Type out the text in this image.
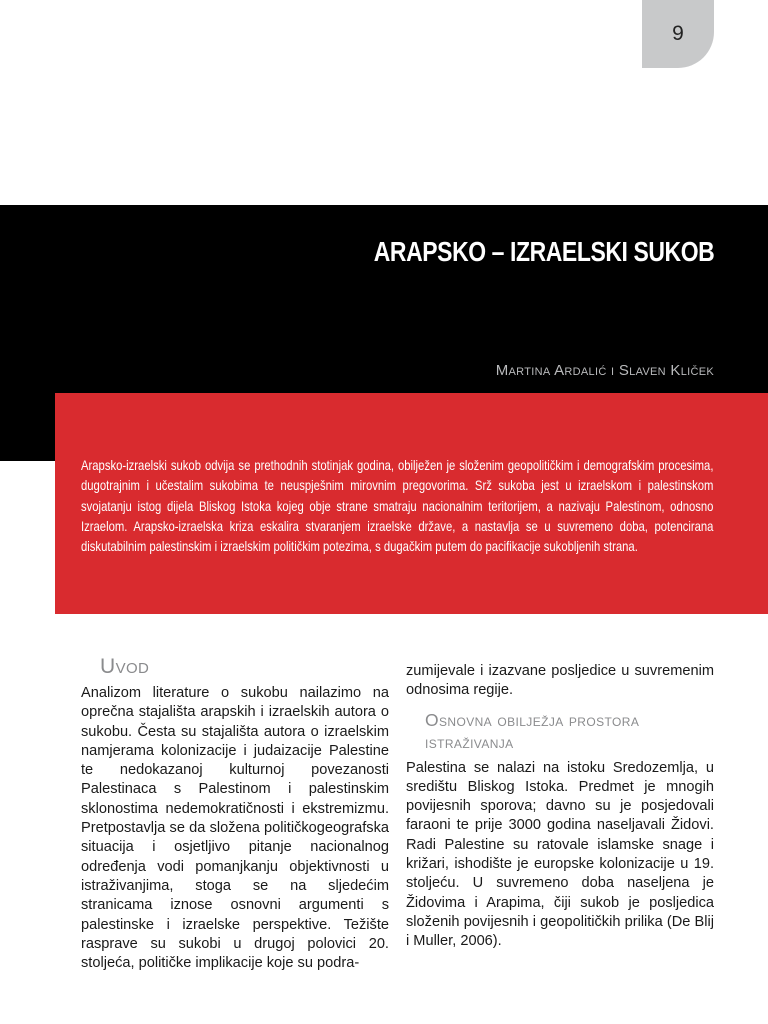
9
ARAPSKO – IZRAELSKI SUKOB
Martina Ardalić i Slaven Kliček
Arapsko-izraelski sukob odvija se prethodnih stotinjak godina, obilježen je složenim geopolitičkim i demografskim procesima, dugotrajnim i učestalim sukobima te neuspješnim mirovnim pregovorima. Srž sukoba jest u izraelskom i palestinskom svojatanju istog dijela Bliskog Istoka kojeg obje strane smatraju nacionalnim teritorijem, a nazivaju Palestinom, odnosno Izraelom. Arapsko-izraelska kriza eskalira stvaranjem izraelske države, a nastavlja se u suvremeno doba, potencirana diskutabilnim palestinskim i izraelskim političkim potezima, s dugačkim putem do pacifikacije sukobljenih strana.
Uvod

Analizom literature o sukobu nailazimo na oprečna stajališta arapskih i izraelskih autora o sukobu. Česta su stajališta autora o izraelskim namjerama kolonizacije i judaizacije Palestine te nedokazanoj kulturnoj povezanosti Palestinaca s Palestinom i palestinskim sklonostima nedemokratičnosti i ekstremizmu. Pretpostavlja se da složena političkogeografska situacija i osjetljivo pitanje nacionalnog određenja vodi pomanjkanju objektivnosti u istraživanjima, stoga se na sljedećim stranicama iznose osnovni argumenti s palestinske i izraelske perspektive. Težište rasprave su sukobi u drugoj polovici 20. stoljeća, političke implikacije koje su podra-

zumijevale i izazvane posljedice u suvremenim odnosima regije.

Osnovna obilježja prostora istraživanja

Palestina se nalazi na istoku Sredozemlja, u središtu Bliskog Istoka. Predmet je mnogih povijesnih sporova; davno su je posjedovali faraoni te prije 3000 godina naseljavali Židovi. Radi Palestine su ratovale islamske snage i križari, ishodište je europske kolonizacije u 19. stoljeću. U suvremeno doba naseljena je Židovima i Arapima, čiji sukob je posljedica složenih povijesnih i geopolitičkih prilika (De Blij i Muller, 2006).
